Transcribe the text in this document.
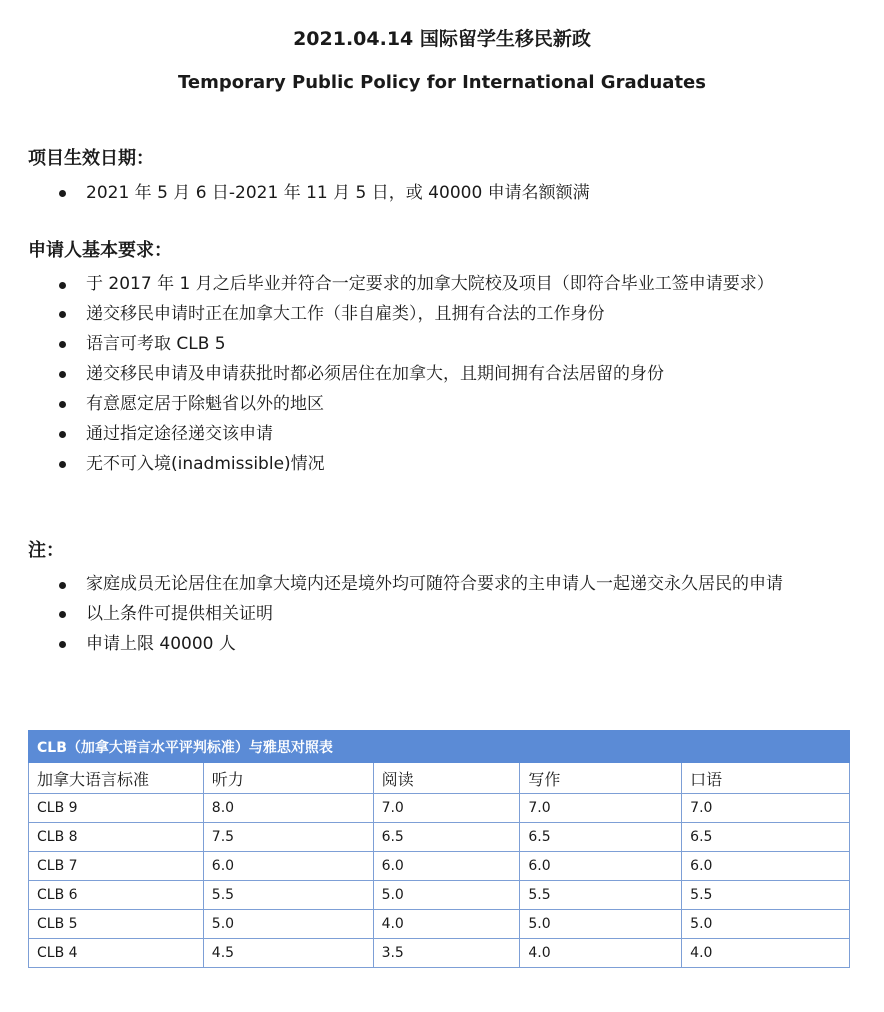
2021.04.14 国际留学生移民新政
Temporary Public Policy for International Graduates
项目生效日期：
2021 年 5 月 6 日-2021 年 11 月 5 日，或 40000 申请名额额满
申请人基本要求：
于 2017 年 1 月之后毕业并符合一定要求的加拿大院校及项目（即符合毕业工签申请要求）
递交移民申请时正在加拿大工作（非自雇类），且拥有合法的工作身份
语言可考取 CLB 5
递交移民申请及申请获批时都必须居住在加拿大，且期间拥有合法居留的身份
有意愿定居于除魁省以外的地区
通过指定途径递交该申请
无不可入境(inadmissible)情况
注：
家庭成员无论居住在加拿大境内还是境外均可随符合要求的主申请人一起递交永久居民的申请
以上条件可提供相关证明
申请上限 40000 人
CLB（加拿大语言水平评判标准）与雅思对照表				
加拿大语言标准	听力	阅读	写作	口语
CLB 9	8.0	7.0	7.0	7.0
CLB 8	7.5	6.5	6.5	6.5
CLB 7	6.0	6.0	6.0	6.0
CLB 6	5.5	5.0	5.5	5.5
CLB 5	5.0	4.0	5.0	5.0
CLB 4	4.5	3.5	4.0	4.0
